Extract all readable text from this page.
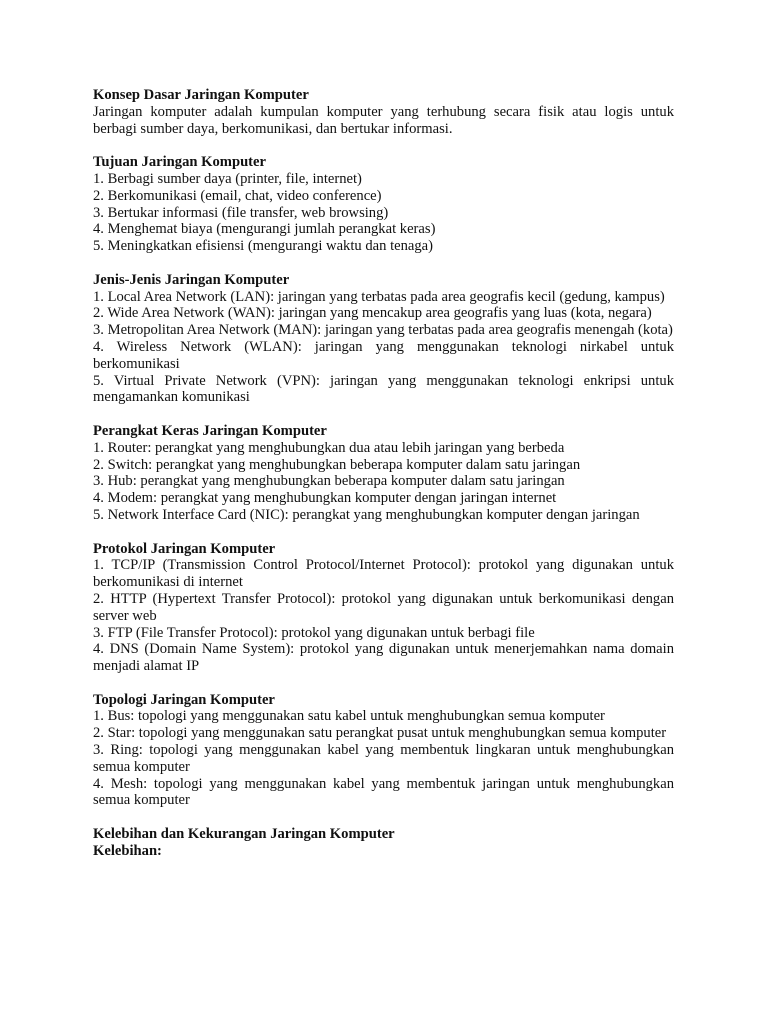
Konsep Dasar Jaringan Komputer
Jaringan komputer adalah kumpulan komputer yang terhubung secara fisik atau logis untuk berbagi sumber daya, berkomunikasi, dan bertukar informasi.
Tujuan Jaringan Komputer
1. Berbagi sumber daya (printer, file, internet)
2. Berkomunikasi (email, chat, video conference)
3. Bertukar informasi (file transfer, web browsing)
4. Menghemat biaya (mengurangi jumlah perangkat keras)
5. Meningkatkan efisiensi (mengurangi waktu dan tenaga)
Jenis-Jenis Jaringan Komputer
1. Local Area Network (LAN): jaringan yang terbatas pada area geografis kecil (gedung, kampus)
2. Wide Area Network (WAN): jaringan yang mencakup area geografis yang luas (kota, negara)
3. Metropolitan Area Network (MAN): jaringan yang terbatas pada area geografis menengah (kota)
4. Wireless Network (WLAN): jaringan yang menggunakan teknologi nirkabel untuk berkomunikasi
5. Virtual Private Network (VPN): jaringan yang menggunakan teknologi enkripsi untuk mengamankan komunikasi
Perangkat Keras Jaringan Komputer
1. Router: perangkat yang menghubungkan dua atau lebih jaringan yang berbeda
2. Switch: perangkat yang menghubungkan beberapa komputer dalam satu jaringan
3. Hub: perangkat yang menghubungkan beberapa komputer dalam satu jaringan
4. Modem: perangkat yang menghubungkan komputer dengan jaringan internet
5. Network Interface Card (NIC): perangkat yang menghubungkan komputer dengan jaringan
Protokol Jaringan Komputer
1. TCP/IP (Transmission Control Protocol/Internet Protocol): protokol yang digunakan untuk berkomunikasi di internet
2. HTTP (Hypertext Transfer Protocol): protokol yang digunakan untuk berkomunikasi dengan server web
3. FTP (File Transfer Protocol): protokol yang digunakan untuk berbagi file
4. DNS (Domain Name System): protokol yang digunakan untuk menerjemahkan nama domain menjadi alamat IP
Topologi Jaringan Komputer
1. Bus: topologi yang menggunakan satu kabel untuk menghubungkan semua komputer
2. Star: topologi yang menggunakan satu perangkat pusat untuk menghubungkan semua komputer
3. Ring: topologi yang menggunakan kabel yang membentuk lingkaran untuk menghubungkan semua komputer
4. Mesh: topologi yang menggunakan kabel yang membentuk jaringan untuk menghubungkan semua komputer
Kelebihan dan Kekurangan Jaringan Komputer
Kelebihan:
